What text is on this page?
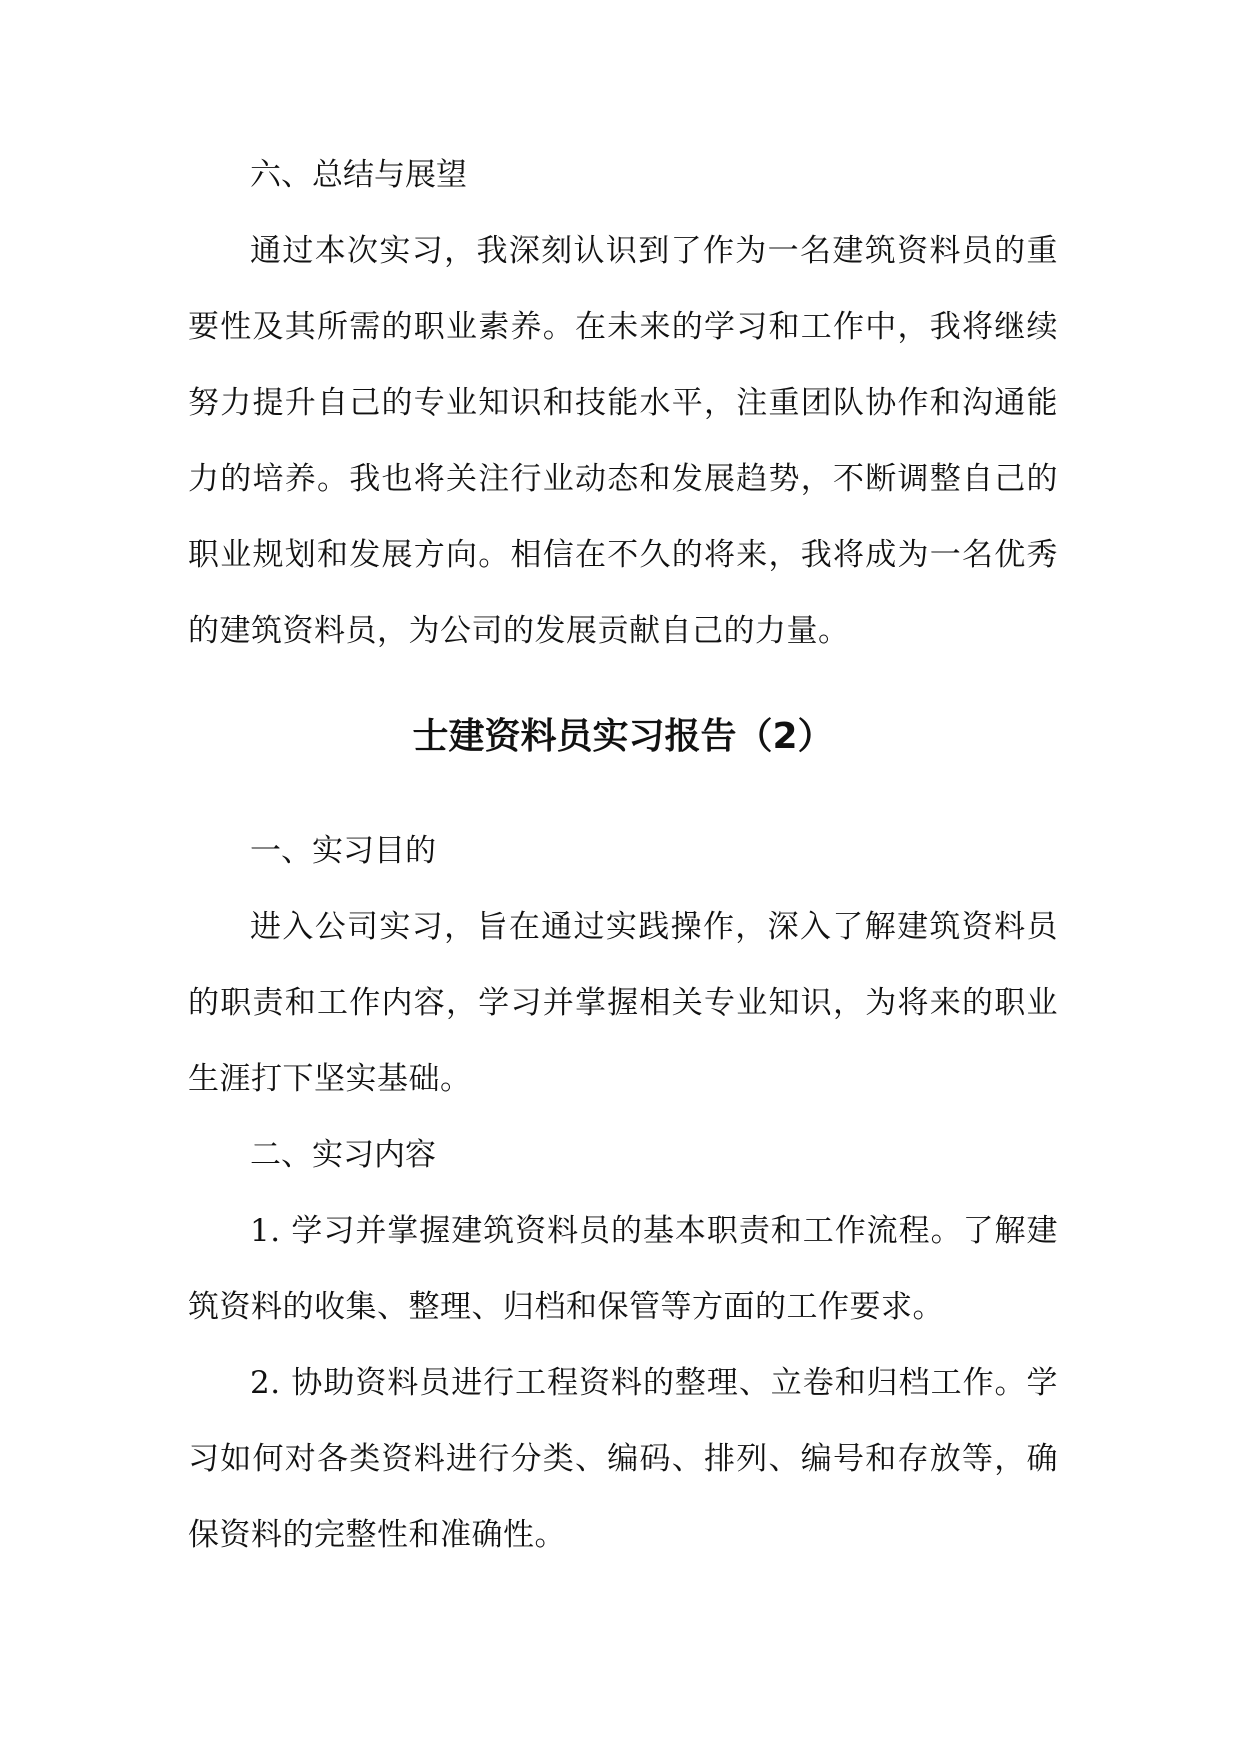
六、总结与展望

通过本次实习，我深刻认识到了作为一名建筑资料员的重要性及其所需的职业素养。在未来的学习和工作中，我将继续努力提升自己的专业知识和技能水平，注重团队协作和沟通能力的培养。我也将关注行业动态和发展趋势，不断调整自己的职业规划和发展方向。相信在不久的将来，我将成为一名优秀的建筑资料员，为公司的发展贡献自己的力量。

士建资料员实习报告（2）

一、实习目的

进入公司实习，旨在通过实践操作，深入了解建筑资料员的职责和工作内容，学习并掌握相关专业知识，为将来的职业生涯打下坚实基础。

二、实习内容

1. 学习并掌握建筑资料员的基本职责和工作流程。了解建筑资料的收集、整理、归档和保管等方面的工作要求。

2. 协助资料员进行工程资料的整理、立卷和归档工作。学习如何对各类资料进行分类、编码、排列、编号和存放等，确保资料的完整性和准确性。
